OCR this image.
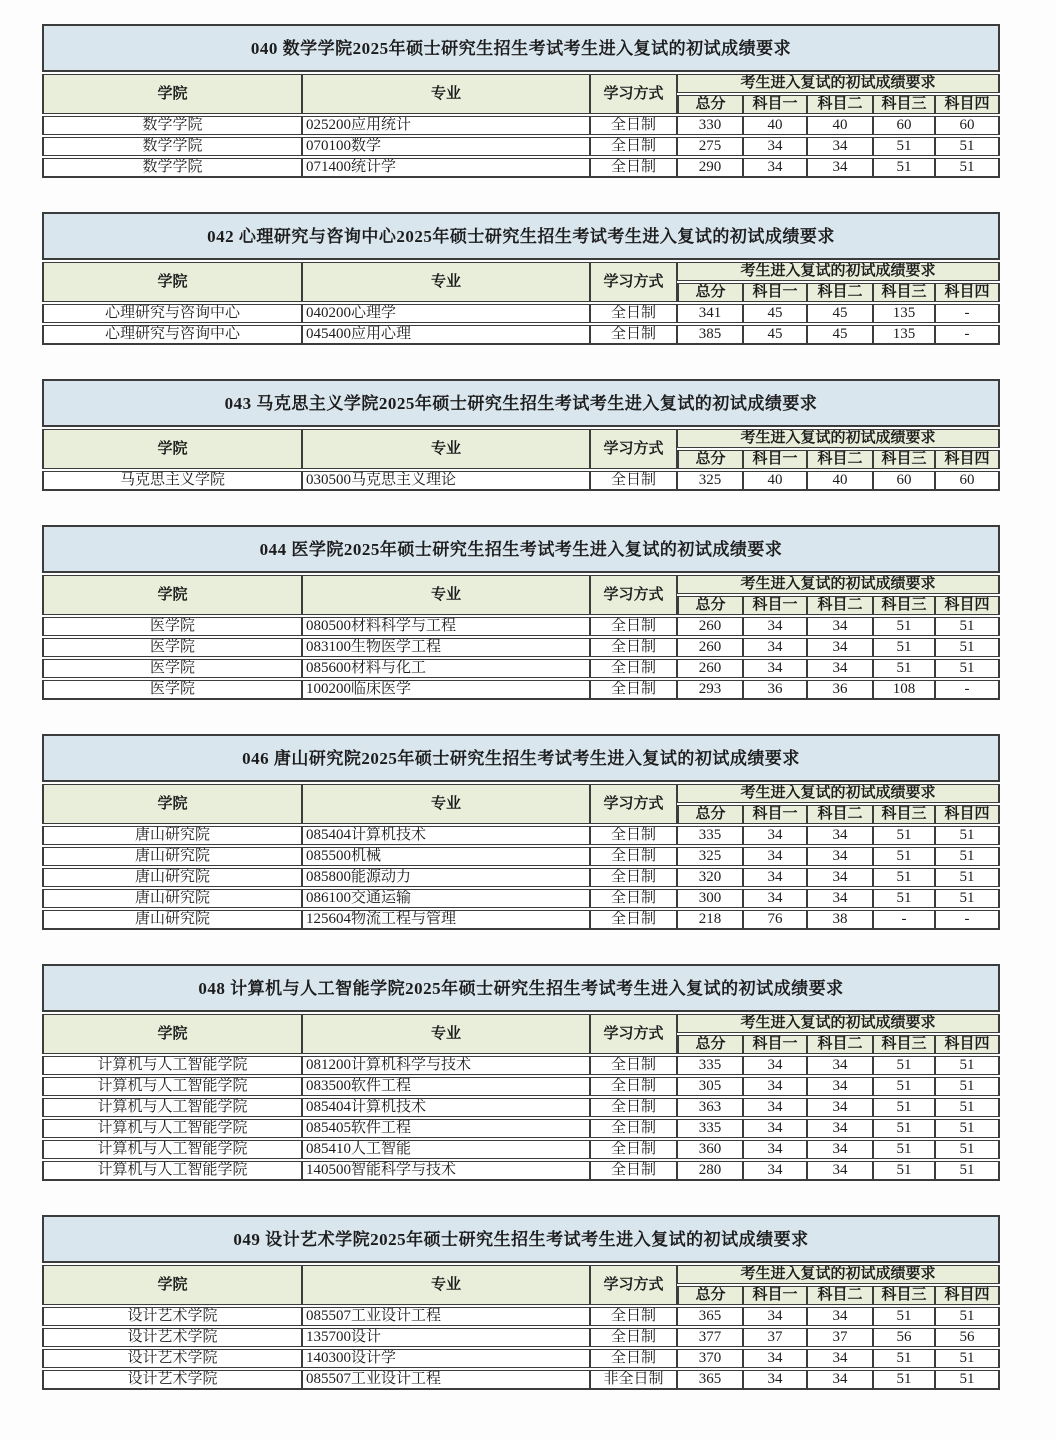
040 数学学院2025年硕士研究生招生考试考生进入复试的初试成绩要求							
学院	专业	学习方式	考生进入复试的初试成绩要求				
			总分	科目一	科目二	科目三	科目四
数学学院	025200应用统计	全日制	330	40	40	60	60
数学学院	070100数学	全日制	275	34	34	51	51
数学学院	071400统计学	全日制	290	34	34	51	51
042 心理研究与咨询中心2025年硕士研究生招生考试考生进入复试的初试成绩要求							
学院	专业	学习方式	考生进入复试的初试成绩要求				
			总分	科目一	科目二	科目三	科目四
心理研究与咨询中心	040200心理学	全日制	341	45	45	135	-
心理研究与咨询中心	045400应用心理	全日制	385	45	45	135	-
043 马克思主义学院2025年硕士研究生招生考试考生进入复试的初试成绩要求							
学院	专业	学习方式	考生进入复试的初试成绩要求				
			总分	科目一	科目二	科目三	科目四
马克思主义学院	030500马克思主义理论	全日制	325	40	40	60	60
044 医学院2025年硕士研究生招生考试考生进入复试的初试成绩要求							
学院	专业	学习方式	考生进入复试的初试成绩要求				
			总分	科目一	科目二	科目三	科目四
医学院	080500材料科学与工程	全日制	260	34	34	51	51
医学院	083100生物医学工程	全日制	260	34	34	51	51
医学院	085600材料与化工	全日制	260	34	34	51	51
医学院	100200临床医学	全日制	293	36	36	108	-
046 唐山研究院2025年硕士研究生招生考试考生进入复试的初试成绩要求							
学院	专业	学习方式	考生进入复试的初试成绩要求				
			总分	科目一	科目二	科目三	科目四
唐山研究院	085404计算机技术	全日制	335	34	34	51	51
唐山研究院	085500机械	全日制	325	34	34	51	51
唐山研究院	085800能源动力	全日制	320	34	34	51	51
唐山研究院	086100交通运输	全日制	300	34	34	51	51
唐山研究院	125604物流工程与管理	全日制	218	76	38	-	-
048 计算机与人工智能学院2025年硕士研究生招生考试考生进入复试的初试成绩要求							
学院	专业	学习方式	考生进入复试的初试成绩要求				
			总分	科目一	科目二	科目三	科目四
计算机与人工智能学院	081200计算机科学与技术	全日制	335	34	34	51	51
计算机与人工智能学院	083500软件工程	全日制	305	34	34	51	51
计算机与人工智能学院	085404计算机技术	全日制	363	34	34	51	51
计算机与人工智能学院	085405软件工程	全日制	335	34	34	51	51
计算机与人工智能学院	085410人工智能	全日制	360	34	34	51	51
计算机与人工智能学院	140500智能科学与技术	全日制	280	34	34	51	51
049 设计艺术学院2025年硕士研究生招生考试考生进入复试的初试成绩要求							
学院	专业	学习方式	考生进入复试的初试成绩要求				
			总分	科目一	科目二	科目三	科目四
设计艺术学院	085507工业设计工程	全日制	365	34	34	51	51
设计艺术学院	135700设计	全日制	377	37	37	56	56
设计艺术学院	140300设计学	全日制	370	34	34	51	51
设计艺术学院	085507工业设计工程	非全日制	365	34	34	51	51
